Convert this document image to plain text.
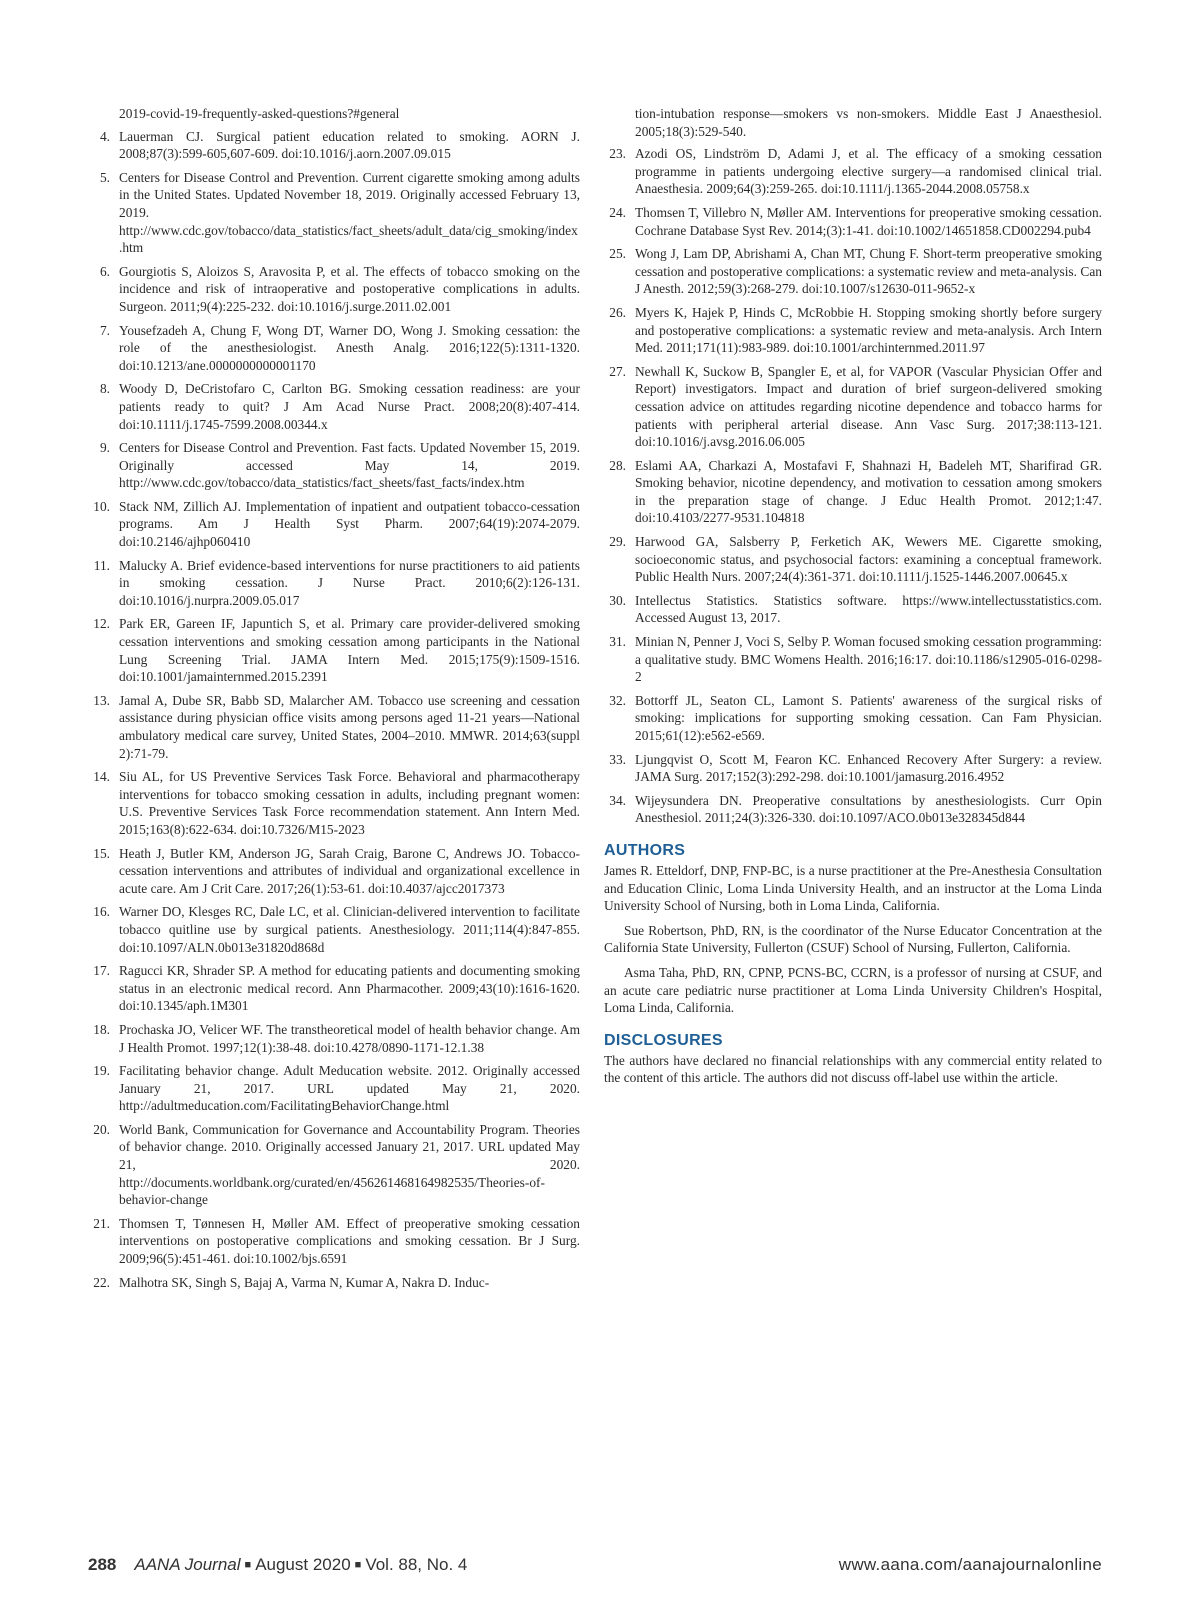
2019-covid-19-frequently-asked-questions?#general

4. Lauerman CJ. Surgical patient education related to smoking. AORN J. 2008;87(3):599-605,607-609. doi:10.1016/j.aorn.2007.09.015
5. Centers for Disease Control and Prevention. Current cigarette smoking among adults in the United States. Updated November 18, 2019. Originally accessed February 13, 2019. http://www.cdc.gov/tobacco/data_statistics/fact_sheets/adult_data/cig_smoking/index.htm
6. Gourgiotis S, Aloizos S, Aravosita P, et al. The effects of tobacco smoking on the incidence and risk of intraoperative and postoperative complications in adults. Surgeon. 2011;9(4):225-232. doi:10.1016/j.surge.2011.02.001
7. Yousefzadeh A, Chung F, Wong DT, Warner DO, Wong J. Smoking cessation: the role of the anesthesiologist. Anesth Analg. 2016;122(5):1311-1320. doi:10.1213/ane.0000000000001170
8. Woody D, DeCristofaro C, Carlton BG. Smoking cessation readiness: are your patients ready to quit? J Am Acad Nurse Pract. 2008;20(8):407-414. doi:10.1111/j.1745-7599.2008.00344.x
9. Centers for Disease Control and Prevention. Fast facts. Updated November 15, 2019. Originally accessed May 14, 2019. http://www.cdc.gov/tobacco/data_statistics/fact_sheets/fast_facts/index.htm
10. Stack NM, Zillich AJ. Implementation of inpatient and outpatient tobacco-cessation programs. Am J Health Syst Pharm. 2007;64(19):2074-2079. doi:10.2146/ajhp060410
11. Malucky A. Brief evidence-based interventions for nurse practitioners to aid patients in smoking cessation. J Nurse Pract. 2010;6(2):126-131. doi:10.1016/j.nurpra.2009.05.017
12. Park ER, Gareen IF, Japuntich S, et al. Primary care provider-delivered smoking cessation interventions and smoking cessation among participants in the National Lung Screening Trial. JAMA Intern Med. 2015;175(9):1509-1516. doi:10.1001/jamainternmed.2015.2391
13. Jamal A, Dube SR, Babb SD, Malarcher AM. Tobacco use screening and cessation assistance during physician office visits among persons aged 11-21 years—National ambulatory medical care survey, United States, 2004–2010. MMWR. 2014;63(suppl 2):71-79.
14. Siu AL, for US Preventive Services Task Force. Behavioral and pharmacotherapy interventions for tobacco smoking cessation in adults, including pregnant women: U.S. Preventive Services Task Force recommendation statement. Ann Intern Med. 2015;163(8):622-634. doi:10.7326/M15-2023
15. Heath J, Butler KM, Anderson JG, Sarah Craig, Barone C, Andrews JO. Tobacco-cessation interventions and attributes of individual and organizational excellence in acute care. Am J Crit Care. 2017;26(1):53-61. doi:10.4037/ajcc2017373
16. Warner DO, Klesges RC, Dale LC, et al. Clinician-delivered intervention to facilitate tobacco quitline use by surgical patients. Anesthesiology. 2011;114(4):847-855. doi:10.1097/ALN.0b013e31820d868d
17. Ragucci KR, Shrader SP. A method for educating patients and documenting smoking status in an electronic medical record. Ann Pharmacother. 2009;43(10):1616-1620. doi:10.1345/aph.1M301
18. Prochaska JO, Velicer WF. The transtheoretical model of health behavior change. Am J Health Promot. 1997;12(1):38-48. doi:10.4278/0890-1171-12.1.38
19. Facilitating behavior change. Adult Meducation website. 2012. Originally accessed January 21, 2017. URL updated May 21, 2020. http://adultmeducation.com/FacilitatingBehaviorChange.html
20. World Bank, Communication for Governance and Accountability Program. Theories of behavior change. 2010. Originally accessed January 21, 2017. URL updated May 21, 2020. http://documents.worldbank.org/curated/en/456261468164982535/Theories-of-behavior-change
21. Thomsen T, Tønnesen H, Møller AM. Effect of preoperative smoking cessation interventions on postoperative complications and smoking cessation. Br J Surg. 2009;96(5):451-461. doi:10.1002/bjs.6591
22. Malhotra SK, Singh S, Bajaj A, Varma N, Kumar A, Nakra D. Induc-

tion-intubation response—smokers vs non-smokers. Middle East J Anaesthesiol. 2005;18(3):529-540.

23. Azodi OS, Lindström D, Adami J, et al. The efficacy of a smoking cessation programme in patients undergoing elective surgery—a randomised clinical trial. Anaesthesia. 2009;64(3):259-265. doi:10.1111/j.1365-2044.2008.05758.x
24. Thomsen T, Villebro N, Møller AM. Interventions for preoperative smoking cessation. Cochrane Database Syst Rev. 2014;(3):1-41. doi:10.1002/14651858.CD002294.pub4
25. Wong J, Lam DP, Abrishami A, Chan MT, Chung F. Short-term preoperative smoking cessation and postoperative complications: a systematic review and meta-analysis. Can J Anesth. 2012;59(3):268-279. doi:10.1007/s12630-011-9652-x
26. Myers K, Hajek P, Hinds C, McRobbie H. Stopping smoking shortly before surgery and postoperative complications: a systematic review and meta-analysis. Arch Intern Med. 2011;171(11):983-989. doi:10.1001/archinternmed.2011.97
27. Newhall K, Suckow B, Spangler E, et al, for VAPOR (Vascular Physician Offer and Report) investigators. Impact and duration of brief surgeon-delivered smoking cessation advice on attitudes regarding nicotine dependence and tobacco harms for patients with peripheral arterial disease. Ann Vasc Surg. 2017;38:113-121. doi:10.1016/j.avsg.2016.06.005
28. Eslami AA, Charkazi A, Mostafavi F, Shahnazi H, Badeleh MT, Sharifirad GR. Smoking behavior, nicotine dependency, and motivation to cessation among smokers in the preparation stage of change. J Educ Health Promot. 2012;1:47. doi:10.4103/2277-9531.104818
29. Harwood GA, Salsberry P, Ferketich AK, Wewers ME. Cigarette smoking, socioeconomic status, and psychosocial factors: examining a conceptual framework. Public Health Nurs. 2007;24(4):361-371. doi:10.1111/j.1525-1446.2007.00645.x
30. Intellectus Statistics. Statistics software. https://www.intellectusstatistics.com. Accessed August 13, 2017.
31. Minian N, Penner J, Voci S, Selby P. Woman focused smoking cessation programming: a qualitative study. BMC Womens Health. 2016;16:17. doi:10.1186/s12905-016-0298-2
32. Bottorff JL, Seaton CL, Lamont S. Patients' awareness of the surgical risks of smoking: implications for supporting smoking cessation. Can Fam Physician. 2015;61(12):e562-e569.
33. Ljungqvist O, Scott M, Fearon KC. Enhanced Recovery After Surgery: a review. JAMA Surg. 2017;152(3):292-298. doi:10.1001/jamasurg.2016.4952
34. Wijeysundera DN. Preoperative consultations by anesthesiologists. Curr Opin Anesthesiol. 2011;24(3):326-330. doi:10.1097/ACO.0b013e328345d844
AUTHORS

James R. Etteldorf, DNP, FNP-BC, is a nurse practitioner at the Pre-Anesthesia Consultation and Education Clinic, Loma Linda University Health, and an instructor at the Loma Linda University School of Nursing, both in Loma Linda, California.

Sue Robertson, PhD, RN, is the coordinator of the Nurse Educator Concentration at the California State University, Fullerton (CSUF) School of Nursing, Fullerton, California.

Asma Taha, PhD, RN, CPNP, PCNS-BC, CCRN, is a professor of nursing at CSUF, and an acute care pediatric nurse practitioner at Loma Linda University Children's Hospital, Loma Linda, California.

DISCLOSURES

The authors have declared no financial relationships with any commercial entity related to the content of this article. The authors did not discuss off-label use within the article.

288 AANA Journal ■ August 2020 ■ Vol. 88, No. 4	www.aana.com/aanajournalonline
